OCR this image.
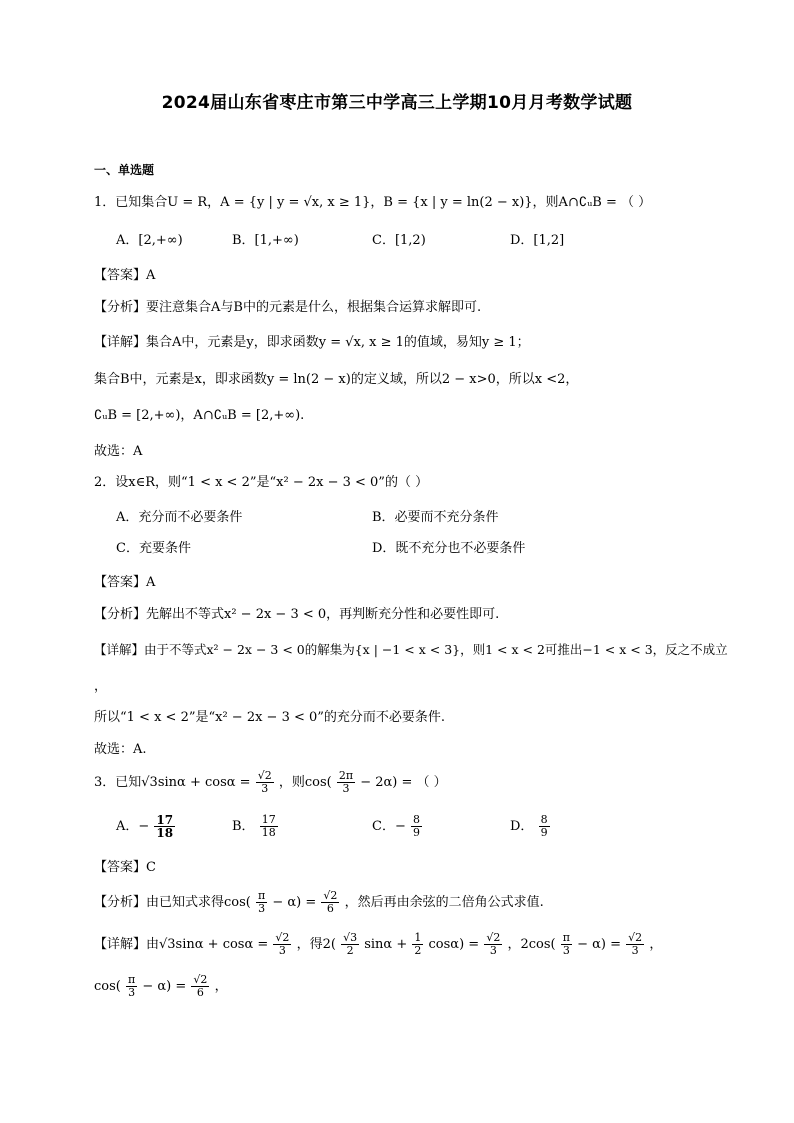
2024届山东省枣庄市第三中学高三上学期10月月考数学试题
一、单选题
1．已知集合U = R，A = {y | y = √x, x ≥ 1}，B = {x | y = ln(2 − x)}，则A∩∁ᵤB = （ ）
A．[2,+∞)	B．[1,+∞)	C．[1,2)	D．[1,2]
【答案】A
【分析】要注意集合A与B中的元素是什么，根据集合运算求解即可.
【详解】集合A中，元素是y，即求函数y = √x, x ≥ 1的值域，易知y ≥ 1；
集合B中，元素是x，即求函数y = ln(2 − x)的定义域，所以2 − x>0，所以x <2，
∁ᵤB = [2,+∞)，A∩∁ᵤB = [2,+∞).
故选：A
2．设x∈R，则“1 < x < 2”是“x² − 2x − 3 < 0”的（ ）
A．充分而不必要条件	B．必要而不充分条件
C．充要条件	D．既不充分也不必要条件
【答案】A
【分析】先解出不等式x² − 2x − 3 < 0，再判断充分性和必要性即可.
【详解】由于不等式x² − 2x − 3 < 0的解集为{x | −1 < x < 3}，则1 < x < 2可推出−1 < x < 3，反之不成立
，
所以“1 < x < 2”是“x² − 2x − 3 < 0”的充分而不必要条件.
故选：A.
3．已知$√3\sin\alpha + \cos\alpha = \frac{√2}{3}$ ，则$\cos( \frac{2\pi}{3} - 2\alpha)$ = （ ）
A．− $\frac{17}{18}$	B． $\frac{17}{18}$	C．− $\frac{8}{9}$	D． $\frac{8}{9}$
【答案】C
【分析】由已知式求得$\cos( \frac{\pi}{3} - \alpha) = \frac{√2}{6}$ ，然后再由余弦的二倍角公式求值.
【详解】由$√3\sin\alpha + \cos\alpha = \frac{√2}{3}$ ，得$2( \frac{√3}{2}$ $\sin\alpha + \frac{1}{2} \cos\alpha) = \frac{√2}{3}$ ，$2\cos( \frac{\pi}{3} - \alpha) = \frac{√2}{3}$ ，
$\cos( \frac{\pi}{3} - \alpha) = \frac{√2}{6}$ ，
